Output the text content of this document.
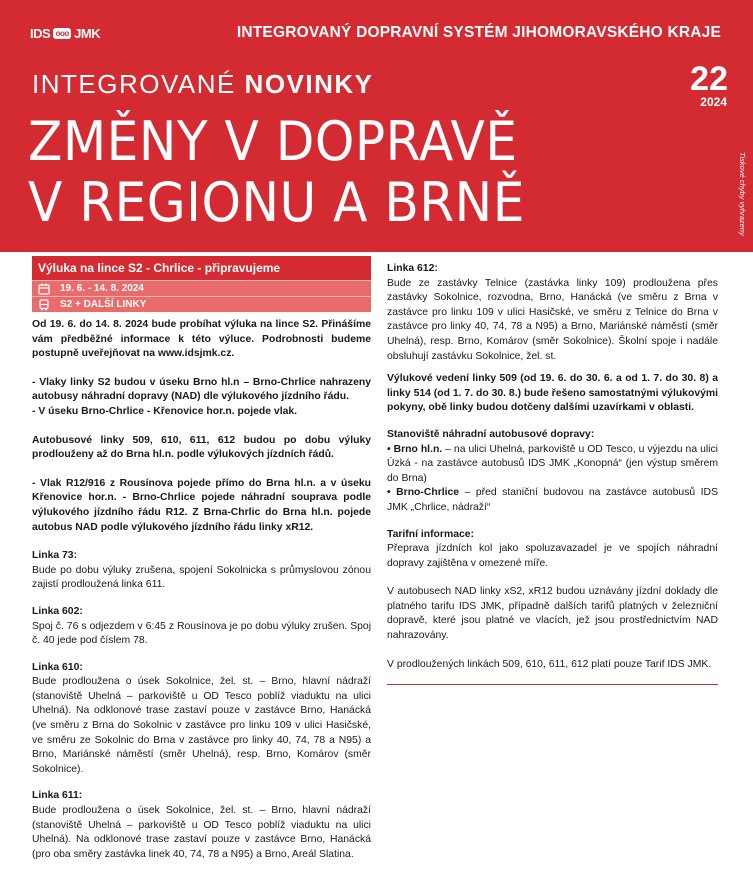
IDS ooo JMK	INTEGROVANÝ DOPRAVNÍ SYSTÉM JIHOMORAVSKÉHO KRAJE
INTEGROVANÉ NOVINKY	22
2024
ZMĚNY V DOPRAVĚ
V REGIONU A BRNĚ	Tiskové chyby vyhrazeny
Výluka na lince S2 - Chrlice - připravujeme
19. 6. - 14. 8. 2024
S2 + DALŠÍ LINKY

Od 19. 6. do 14. 8. 2024 bude probíhat výluka na lince S2. Přinášíme vám předběžné informace k této výluce. Podrobnosti budeme postupně uveřejňovat na www.idsjmk.cz.

- Vlaky linky S2 budou v úseku Brno hl.n – Brno-Chrlice nahrazeny autobusy náhradní dopravy (NAD) dle výlukového jízdního řádu.

- V úseku Brno-Chrlice - Křenovice hor.n. pojede vlak.

Autobusové linky 509, 610, 611, 612 budou po dobu výluky prodlouženy až do Brna hl.n. podle výlukových jízdních řádů.

- Vlak R12/916 z Rousínova pojede přímo do Brna hl.n. a v úseku Křenovice hor.n. - Brno-Chrlice pojede náhradní souprava podle výlukového jízdního řádu R12. Z Brna-Chrlic do Brna hl.n. pojede autobus NAD podle výlukového jízdního řádu linky xR12.

Linka 73:

Bude po dobu výluky zrušena, spojení Sokolnicka s průmyslovou zónou zajistí prodloužená linka 611.

Linka 602:

Spoj č. 76 s odjezdem v 6:45 z Rousínova je po dobu výluky zrušen. Spoj č. 40 jede pod číslem 78.

Linka 610:

Bude prodloužena o úsek Sokolnice, žel. st. – Brno, hlavní nádraží (stanoviště Uhelná – parkoviště u OD Tesco poblíž viaduktu na ulici Uhelná). Na odklonové trase zastaví pouze v zastávce Brno, Hanácká (ve směru z Brna do Sokolnic v zastávce pro linku 109 v ulici Hasičské, ve směru ze Sokolnic do Brna v zastávce pro linky 40, 74, 78 a N95) a Brno, Mariánské náměstí (směr Uhelná), resp. Brno, Komárov (směr Sokolnice).

Linka 611:

Bude prodloužena o úsek Sokolnice, žel. st. – Brno, hlavní nádraží (stanoviště Uhelná – parkoviště u OD Tesco poblíž viaduktu na ulici Uhelná). Na odklonové trase zastaví pouze v zastávce Brno, Hanácká (pro oba směry zastávka linek 40, 74, 78 a N95) a Brno, Areál Slatina.

Linka 612:

Bude ze zastávky Telnice (zastávka linky 109) prodloužena přes zastávky Sokolnice, rozvodna, Brno, Hanácká (ve směru z Brna v zastávce pro linku 109 v ulici Hasičské, ve směru z Telnice do Brna v zastávce pro linky 40, 74, 78 a N95) a Brno, Mariánské náměstí (směr Uhelná), resp. Brno, Komárov (směr Sokolnice). Školní spoje i nadále obsluhují zastávku Sokolnice, žel. st.

Výlukové vedení linky 509 (od 19. 6. do 30. 6. a od 1. 7. do 30. 8) a linky 514 (od 1. 7. do 30. 8.) bude řešeno samostatnými výlukovými pokyny, obě linky budou dotčeny dalšími uzavírkami v oblasti.

Stanoviště náhradní autobusové dopravy:

• Brno hl.n. – na ulici Uhelná, parkoviště u OD Tesco, u výjezdu na ulici Úzká - na zastávce autobusů IDS JMK „Konopná“ (jen výstup směrem do Brna)

• Brno-Chrlice – před staniční budovou na zastávce autobusů IDS JMK „Chrlice, nádraží“

Tarifní informace:

Přeprava jízdních kol jako spoluzavazadel je ve spojích náhradní dopravy zajištěna v omezené míře.

V autobusech NAD linky xS2, xR12 budou uznávány jízdní doklady dle platného tarifu IDS JMK, případně dalších tarifů platných v železniční dopravě, které jsou platné ve vlacích, jež jsou prostřednictvím NAD nahrazovány.

V prodloužených linkách 509, 610, 611, 612 platí pouze Tarif IDS JMK.
